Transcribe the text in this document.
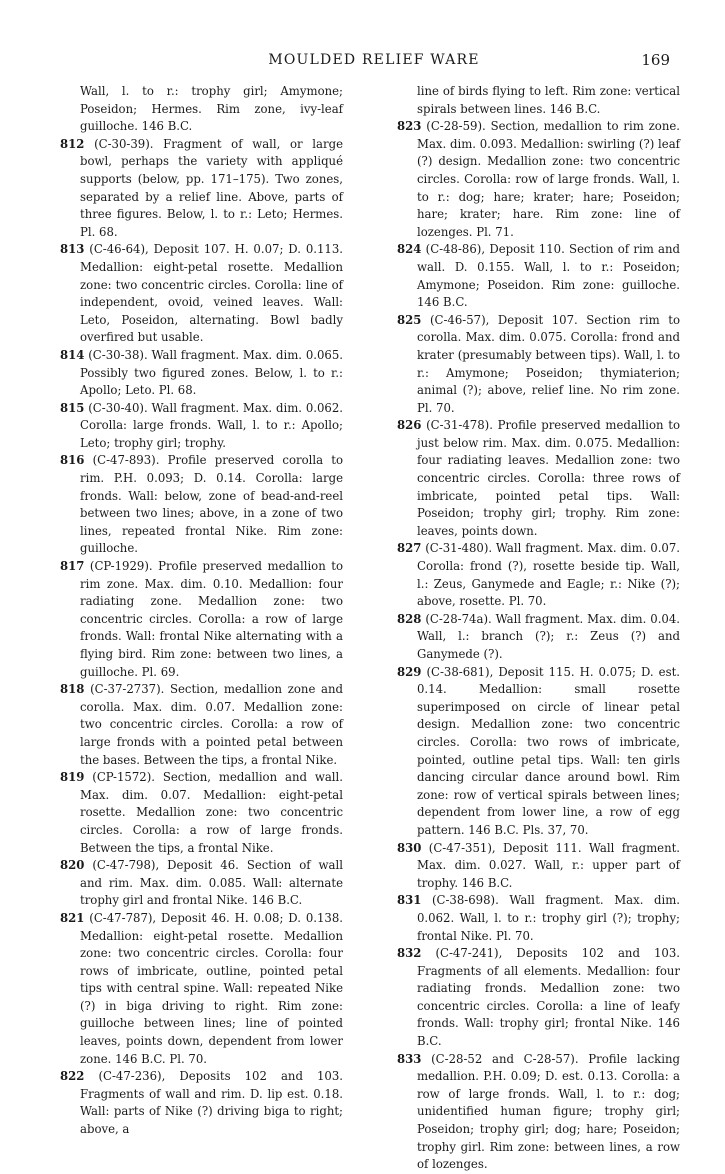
MOULDED RELIEF WARE	169

Wall, l. to r.: trophy girl; Amymone; Poseidon; Hermes. Rim zone, ivy-leaf guilloche. 146 B.C.

812 (C-30-39). Fragment of wall, or large bowl, perhaps the variety with appliqué supports (below, pp. 171–175). Two zones, separated by a relief line. Above, parts of three figures. Below, l. to r.: Leto; Hermes. Pl. 68.

813 (C-46-64), Deposit 107. H. 0.07; D. 0.113. Medallion: eight-petal rosette. Medallion zone: two concentric circles. Corolla: line of independent, ovoid, veined leaves. Wall: Leto, Poseidon, alternating. Bowl badly overfired but usable.

814 (C-30-38). Wall fragment. Max. dim. 0.065. Possibly two figured zones. Below, l. to r.: Apollo; Leto. Pl. 68.

815 (C-30-40). Wall fragment. Max. dim. 0.062. Corolla: large fronds. Wall, l. to r.: Apollo; Leto; trophy girl; trophy.

816 (C-47-893). Profile preserved corolla to rim. P.H. 0.093; D. 0.14. Corolla: large fronds. Wall: below, zone of bead-and-reel between two lines; above, in a zone of two lines, repeated frontal Nike. Rim zone: guilloche.

817 (CP-1929). Profile preserved medallion to rim zone. Max. dim. 0.10. Medallion: four radiating zone. Medallion zone: two concentric circles. Corolla: a row of large fronds. Wall: frontal Nike alternating with a flying bird. Rim zone: between two lines, a guilloche. Pl. 69.

818 (C-37-2737). Section, medallion zone and corolla. Max. dim. 0.07. Medallion zone: two concentric circles. Corolla: a row of large fronds with a pointed petal between the bases. Between the tips, a frontal Nike.

819 (CP-1572). Section, medallion and wall. Max. dim. 0.07. Medallion: eight-petal rosette. Medallion zone: two concentric circles. Corolla: a row of large fronds. Between the tips, a frontal Nike.

820 (C-47-798), Deposit 46. Section of wall and rim. Max. dim. 0.085. Wall: alternate trophy girl and frontal Nike. 146 B.C.

821 (C-47-787), Deposit 46. H. 0.08; D. 0.138. Medallion: eight-petal rosette. Medallion zone: two concentric circles. Corolla: four rows of imbricate, outline, pointed petal tips with central spine. Wall: repeated Nike (?) in biga driving to right. Rim zone: guilloche between lines; line of pointed leaves, points down, dependent from lower zone. 146 B.C. Pl. 70.

822 (C-47-236), Deposits 102 and 103. Fragments of wall and rim. D. lip est. 0.18. Wall: parts of Nike (?) driving biga to right; above, a

line of birds flying to left. Rim zone: vertical spirals between lines. 146 B.C.

823 (C-28-59). Section, medallion to rim zone. Max. dim. 0.093. Medallion: swirling (?) leaf (?) design. Medallion zone: two concentric circles. Corolla: row of large fronds. Wall, l. to r.: dog; hare; krater; hare; Poseidon; hare; krater; hare. Rim zone: line of lozenges. Pl. 71.

824 (C-48-86), Deposit 110. Section of rim and wall. D. 0.155. Wall, l. to r.: Poseidon; Amymone; Poseidon. Rim zone: guilloche. 146 B.C.

825 (C-46-57), Deposit 107. Section rim to corolla. Max. dim. 0.075. Corolla: frond and krater (presumably between tips). Wall, l. to r.: Amymone; Poseidon; thymiaterion; animal (?); above, relief line. No rim zone. Pl. 70.

826 (C-31-478). Profile preserved medallion to just below rim. Max. dim. 0.075. Medallion: four radiating leaves. Medallion zone: two concentric circles. Corolla: three rows of imbricate, pointed petal tips. Wall: Poseidon; trophy girl; trophy. Rim zone: leaves, points down.

827 (C-31-480). Wall fragment. Max. dim. 0.07. Corolla: frond (?), rosette beside tip. Wall, l.: Zeus, Ganymede and Eagle; r.: Nike (?); above, rosette. Pl. 70.

828 (C-28-74a). Wall fragment. Max. dim. 0.04. Wall, l.: branch (?); r.: Zeus (?) and Ganymede (?).

829 (C-38-681), Deposit 115. H. 0.075; D. est. 0.14. Medallion: small rosette superimposed on circle of linear petal design. Medallion zone: two concentric circles. Corolla: two rows of imbricate, pointed, outline petal tips. Wall: ten girls dancing circular dance around bowl. Rim zone: row of vertical spirals between lines; dependent from lower line, a row of egg pattern. 146 B.C. Pls. 37, 70.

830 (C-47-351), Deposit 111. Wall fragment. Max. dim. 0.027. Wall, r.: upper part of trophy. 146 B.C.

831 (C-38-698). Wall fragment. Max. dim. 0.062. Wall, l. to r.: trophy girl (?); trophy; frontal Nike. Pl. 70.

832 (C-47-241), Deposits 102 and 103. Fragments of all elements. Medallion: four radiating fronds. Medallion zone: two concentric circles. Corolla: a line of leafy fronds. Wall: trophy girl; frontal Nike. 146 B.C.

833 (C-28-52 and C-28-57). Profile lacking medallion. P.H. 0.09; D. est. 0.13. Corolla: a row of large fronds. Wall, l. to r.: dog; unidentified human figure; trophy girl; Poseidon; trophy girl; dog; hare; Poseidon; trophy girl. Rim zone: between lines, a row of lozenges.
